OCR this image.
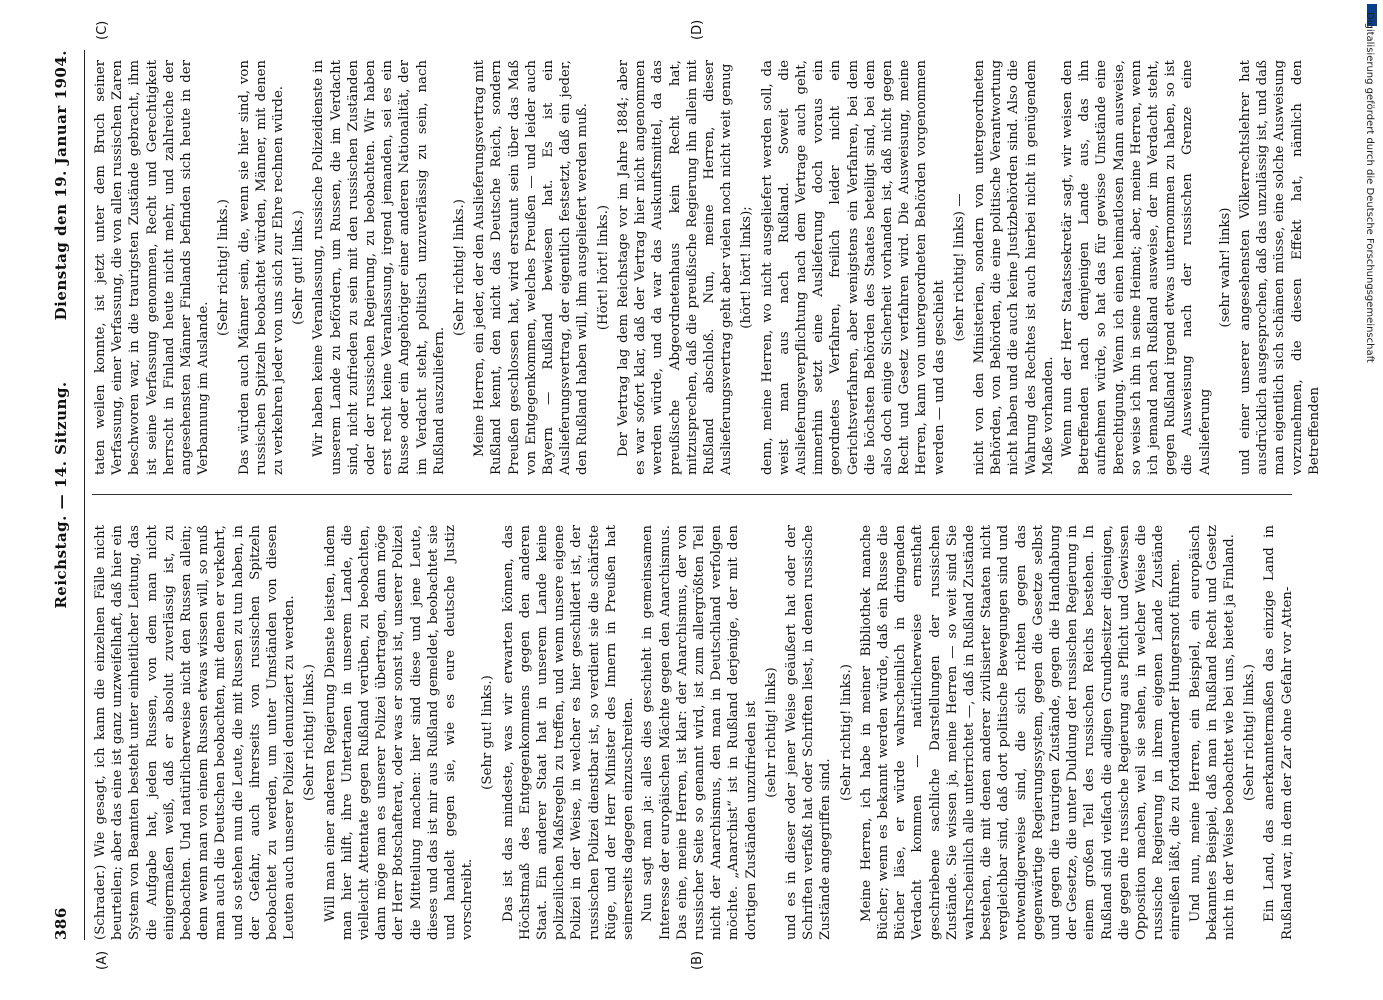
386
Reichstag. — 14. Sitzung.
Dienstag den 19. Januar 1904.
(A)	(B)
(C)	(D)

(Schrader.) Wie gesagt, ich kann die einzelnen Fälle nicht beurteilen; aber das eine ist ganz unzweifelhaft, daß hier ein System von Beamten besteht unter einheitlicher Leitung, das die Aufgabe hat, jeden Russen, von dem man nicht einigermaßen weiß, daß er absolut zuverlässig ist, zu beobachten. Und natürlicherweise nicht den Russen allein; denn wenn man von einem Russen etwas wissen will, so muß man auch die Deutschen beobachten, mit denen er verkehrt, und so stehen nun die Leute, die mit Russen zu tun haben, in der Gefahr, auch ihrerseits von russischen Spitzeln beobachtet zu werden, um unter Umständen von diesen Leuten auch unserer Polizei denunziert zu werden. (Sehr richtig! links.) Will man einer anderen Regierung Dienste leisten, indem man hier hilft, ihre Untertanen in unserem Lande, die vielleicht Attentate gegen Rußland verüben, zu beobachten, dann möge man es unserer Polizei übertragen, dann möge der Herr Botschafterat, oder was er sonst ist, unserer Polizei die Mitteilung machen: hier sind diese und jene Leute, dieses und das ist mir aus Rußland gemeldet, beobachtet sie und handelt gegen sie, wie es eure deutsche Justiz vorschreibt.

(Sehr gut! links.) Das ist das mindeste, was wir erwarten können, das Höchstmaß des Entgegenkommens gegen den anderen Staat. Ein anderer Staat hat in unserem Lande keine polizeilichen Maßregeln zu treffen, und wenn unsere eigene Polizei in der Weise, in welcher es hier geschildert ist, der russischen Polizei dienstbar ist, so verdient sie die schärfste Rüge, und der Herr Minister des Innern in Preußen hat seinerseits dagegen einzuschreiten. Nun sagt man ja: alles dies geschieht in gemeinsamen Interesse der europäischen Mächte gegen den Anarchismus. Das eine, meine Herren, ist klar: der Anarchismus, der von russischer Seite so genannt wird, ist zum allergrößten Teil nicht der Anarchismus, den man in Deutschland verfolgen möchte. „Anarchist“ ist in Rußland derjenige, der mit den dortigen Zuständen unzufrieden ist (sehr richtig! links) und es in dieser oder jener Weise geäußert hat oder der Schriften verfaßt hat oder Schriften liest, in denen russische Zustände angegriffen sind.

(Sehr richtig! links.) Meine Herren, ich habe in meiner Bibliothek manche Bücher; wenn es bekannt werden würde, daß ein Russe die Bücher läse, er würde wahrscheinlich in dringenden Verdacht kommen — natürlicherweise ernsthaft geschriebene sachliche Darstellungen der russischen Zustände. Sie wissen ja, meine Herren — so weit sind Sie wahrscheinlich alle unterrichtet —, daß in Rußland Zustände bestehen, die mit denen anderer zivilisierter Staaten nicht vergleichbar sind, daß dort politische Bewegungen sind und notwendigerweise sind, die sich richten gegen das gegenwärtige Regierungssystem, gegen die Gesetze selbst und gegen die traurigen Zustände, gegen die Handhabung der Gesetze, die unter Duldung der russischen Regierung in einem großen Teil des russischen Reichs bestehen. In Rußland sind vielfach die adligen Grundbesitzer diejenigen, die gegen die russische Regierung aus Pflicht und Gewissen Opposition machen, weil sie sehen, in welcher Weise die russische Regierung in ihrem eigenen Lande Zustände einreißen läßt, die zu fortdauernder Hungersnot führen. Und nun, meine Herren, ein Beispiel, ein europäisch bekanntes Beispiel, daß man in Rußland Recht und Gesetz nicht in der Weise beobachtet wie bei uns, bietet ja Finland. (Sehr richtig! links.) Ein Land, das anerkanntermaßen das einzige Land in Rußland war, in dem der Zar ohne Gefahr vor Atten-

taten weilen konnte, ist jetzt unter dem Bruch seiner Verfassung, einer Verfassung, die von allen russischen Zaren beschworen war, in die traurigsten Zustände gebracht, ihm ist seine Verfassung genommen, Recht und Gerechtigkeit herrscht in Finland heute nicht mehr, und zahlreiche der angesehensten Männer Finlands befinden sich heute in der Verbannung im Auslande.

(Sehr richtig! links.) Das würden auch Männer sein, die, wenn sie hier sind, von russischen Spitzeln beobachtet würden, Männer, mit denen zu verkehren jeder von uns sich zur Ehre rechnen würde. (Sehr gut! links.) Wir haben keine Veranlassung, russische Polizeidienste in unserem Lande zu befördern, um Russen, die im Verdacht sind, nicht zufrieden zu sein mit den russischen Zuständen oder der russischen Regierung, zu beobachten. Wir haben erst recht keine Veranlassung, irgend jemanden, sei es ein Russe oder ein Angehöriger einer anderen Nationalität, der im Verdacht steht, politisch unzuverlässig zu sein, nach Rußland auszuliefern.

(Sehr richtig! links.) Meine Herren, ein jeder, der den Auslieferungsvertrag mit Rußland kennt, den nicht das Deutsche Reich, sondern Preußen geschlossen hat, wird erstaunt sein über das Maß von Entgegenkommen, welches Preußen — und leider auch Bayern — Rußland bewiesen hat. Es ist ein Auslieferungsvertrag, der eigentlich festsetzt, daß ein jeder, den Rußland haben will, ihm ausgeliefert werden muß. (Hört! hört! links.) Der Vertrag lag dem Reichstage vor im Jahre 1884; aber es war sofort klar, daß der Vertrag hier nicht angenommen werden würde, und da war das Auskunftsmittel, da das preußische Abgeordnetenhaus kein Recht hat, mitzusprechen, daß die preußische Regierung ihn allein mit Rußland abschloß. Nun, meine Herren, dieser Auslieferungsvertrag geht aber vielen noch nicht weit genug (hört! hört! links); denn, meine Herren, wo nicht ausgeliefert werden soll, da weist man aus nach Rußland. Soweit die Auslieferungsverpflichtung nach dem Vertrage auch geht, immerhin setzt eine Auslieferung doch voraus ein geordnetes Verfahren, freilich leider nicht ein Gerichtsverfahren, aber wenigstens ein Verfahren, bei dem die höchsten Behörden des Staates beteiligt sind, bei dem also doch einige Sicherheit vorhanden ist, daß nicht gegen Recht und Gesetz verfahren wird. Die Ausweisung, meine Herren, kann von untergeordneten Behörden vorgenommen werden — und das geschieht

(sehr richtig! links) — nicht von den Ministerien, sondern von untergeordneten Behörden, von Behörden, die eine politische Verantwortung nicht haben und die auch keine Justizbehörden sind. Also die Wahrung des Rechtes ist auch hierbei nicht in genügendem Maße vorhanden. Wenn nun der Herr Staatssekretär sagt, wir weisen den Betreffenden nach demjenigen Lande aus, das ihn aufnehmen würde, so hat das für gewisse Umstände eine Berechtigung. Wenn ich einen heimatlosen Mann ausweise, so weise ich ihn in seine Heimat; aber, meine Herren, wenn ich jemand nach Rußland ausweise, der im Verdacht steht, gegen Rußland irgend etwas unternommen zu haben, so ist die Ausweisung nach der russischen Grenze eine Auslieferung

(sehr wahr! links) und einer unserer angesehensten Völkerrechtslehrer hat ausdrücklich ausgesprochen, daß das unzulässig ist, und daß man eigentlich sich schämen müsse, eine solche Ausweisung vorzunehmen, die diesen Effekt hat, nämlich den Betreffenden

Digitalisierung gefördert durch die Deutsche Forschungsgemeinschaft
